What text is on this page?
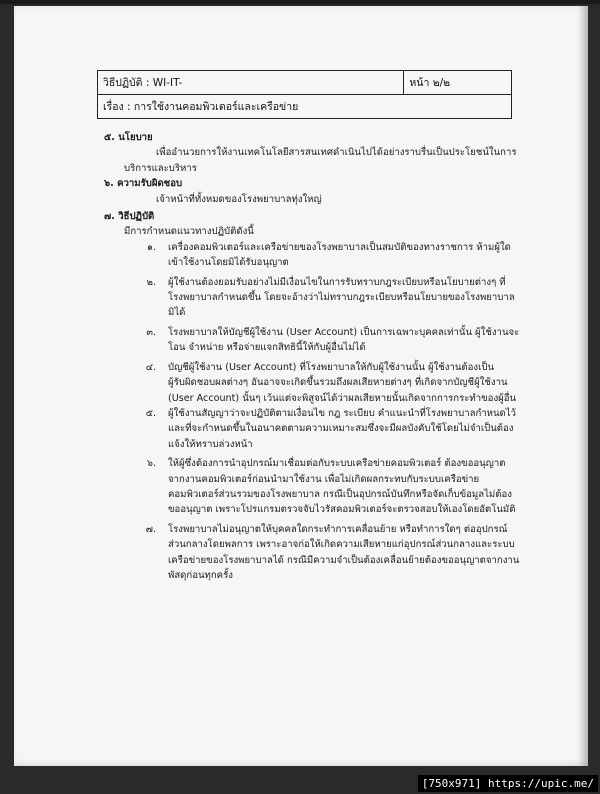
วิธีปฏิบัติ : WI-IT-	หน้า ๒/๒
เรื่อง : การใช้งานคอมพิวเตอร์และเครือข่าย

๕. นโยบาย

เพื่ออำนวยการให้งานเทคโนโลยีสารสนเทศดำเนินไปได้อย่างราบรื่นเป็นประโยชน์ในการ

บริการและบริหาร

๖. ความรับผิดชอบ

เจ้าหน้าที่ทั้งหมดของโรงพยาบาลทุ่งใหญ่

๗. วิธีปฏิบัติ

มีการกำหนดแนวทางปฏิบัติดังนี้

๑.	เครื่องคอมพิวเตอร์และเครือข่ายของโรงพยาบาลเป็นสมบัติของทางราชการ ห้ามผู้ใด
เข้าใช้งานโดยมิได้รับอนุญาต
๒.	ผู้ใช้งานต้องยอมรับอย่างไม่มีเงื่อนไขในการรับทราบกฎระเบียบหรือนโยบายต่างๆ ที่
โรงพยาบาลกำหนดขึ้น โดยจะอ้างว่าไม่ทราบกฎระเบียบหรือนโยบายของโรงพยาบาล
มิได้
๓.	โรงพยาบาลให้บัญชีผู้ใช้งาน (User Account) เป็นการเฉพาะบุคคลเท่านั้น ผู้ใช้งานจะ
โอน จำหน่าย หรือจ่ายแจกสิทธินี้ให้กับผู้อื่นไม่ได้
๔.	บัญชีผู้ใช้งาน (User Account) ที่โรงพยาบาลให้กับผู้ใช้งานนั้น ผู้ใช้งานต้องเป็น
ผู้รับผิดชอบผลต่างๆ อันอาจจะเกิดขึ้นรวมถึงผลเสียหายต่างๆ ที่เกิดจากบัญชีผู้ใช้งาน
(User Account) นั้นๆ เว้นแต่จะพิสูจน์ได้ว่าผลเสียหายนั้นเกิดจากการกระทำของผู้อื่น
๕.	ผู้ใช้งานสัญญาว่าจะปฏิบัติตามเงื่อนไข กฎ ระเบียบ คำแนะนำที่โรงพยาบาลกำหนดไว้
และที่จะกำหนดขึ้นในอนาคตตามความเหมาะสมซึ่งจะมีผลบังคับใช้โดยไม่จำเป็นต้อง
แจ้งให้ทราบล่วงหน้า
๖.	ให้ผู้ซึ่งต้องการนำอุปกรณ์มาเชื่อมต่อกับระบบเครือข่ายคอมพิวเตอร์ ต้องขออนุญาต
จากงานคอมพิวเตอร์ก่อนนำมาใช้งาน เพื่อไม่เกิดผลกระทบกับระบบเครือข่าย
คอมพิวเตอร์ส่วนรวมของโรงพยาบาล กรณีเป็นอุปกรณ์บันทึกหรือจัดเก็บข้อมูลไม่ต้อง
ขออนุญาต เพราะโปรแกรมตรวจจับไวรัสคอมพิวเตอร์จะตรวจสอบให้เองโดยอัตโนมัติ
๗.	โรงพยาบาลไม่อนุญาตให้บุคคลใดกระทำการเคลื่อนย้าย หรือทำการใดๆ ต่ออุปกรณ์
ส่วนกลางโดยพลการ เพราะอาจก่อให้เกิดความเสียหายแก่อุปกรณ์ส่วนกลางและระบบ
เครือข่ายของโรงพยาบาลได้ กรณีมีความจำเป็นต้องเคลื่อนย้ายต้องขออนุญาตจากงาน
พัสดุก่อนทุกครั้ง
[750x971] https://upic.me/
